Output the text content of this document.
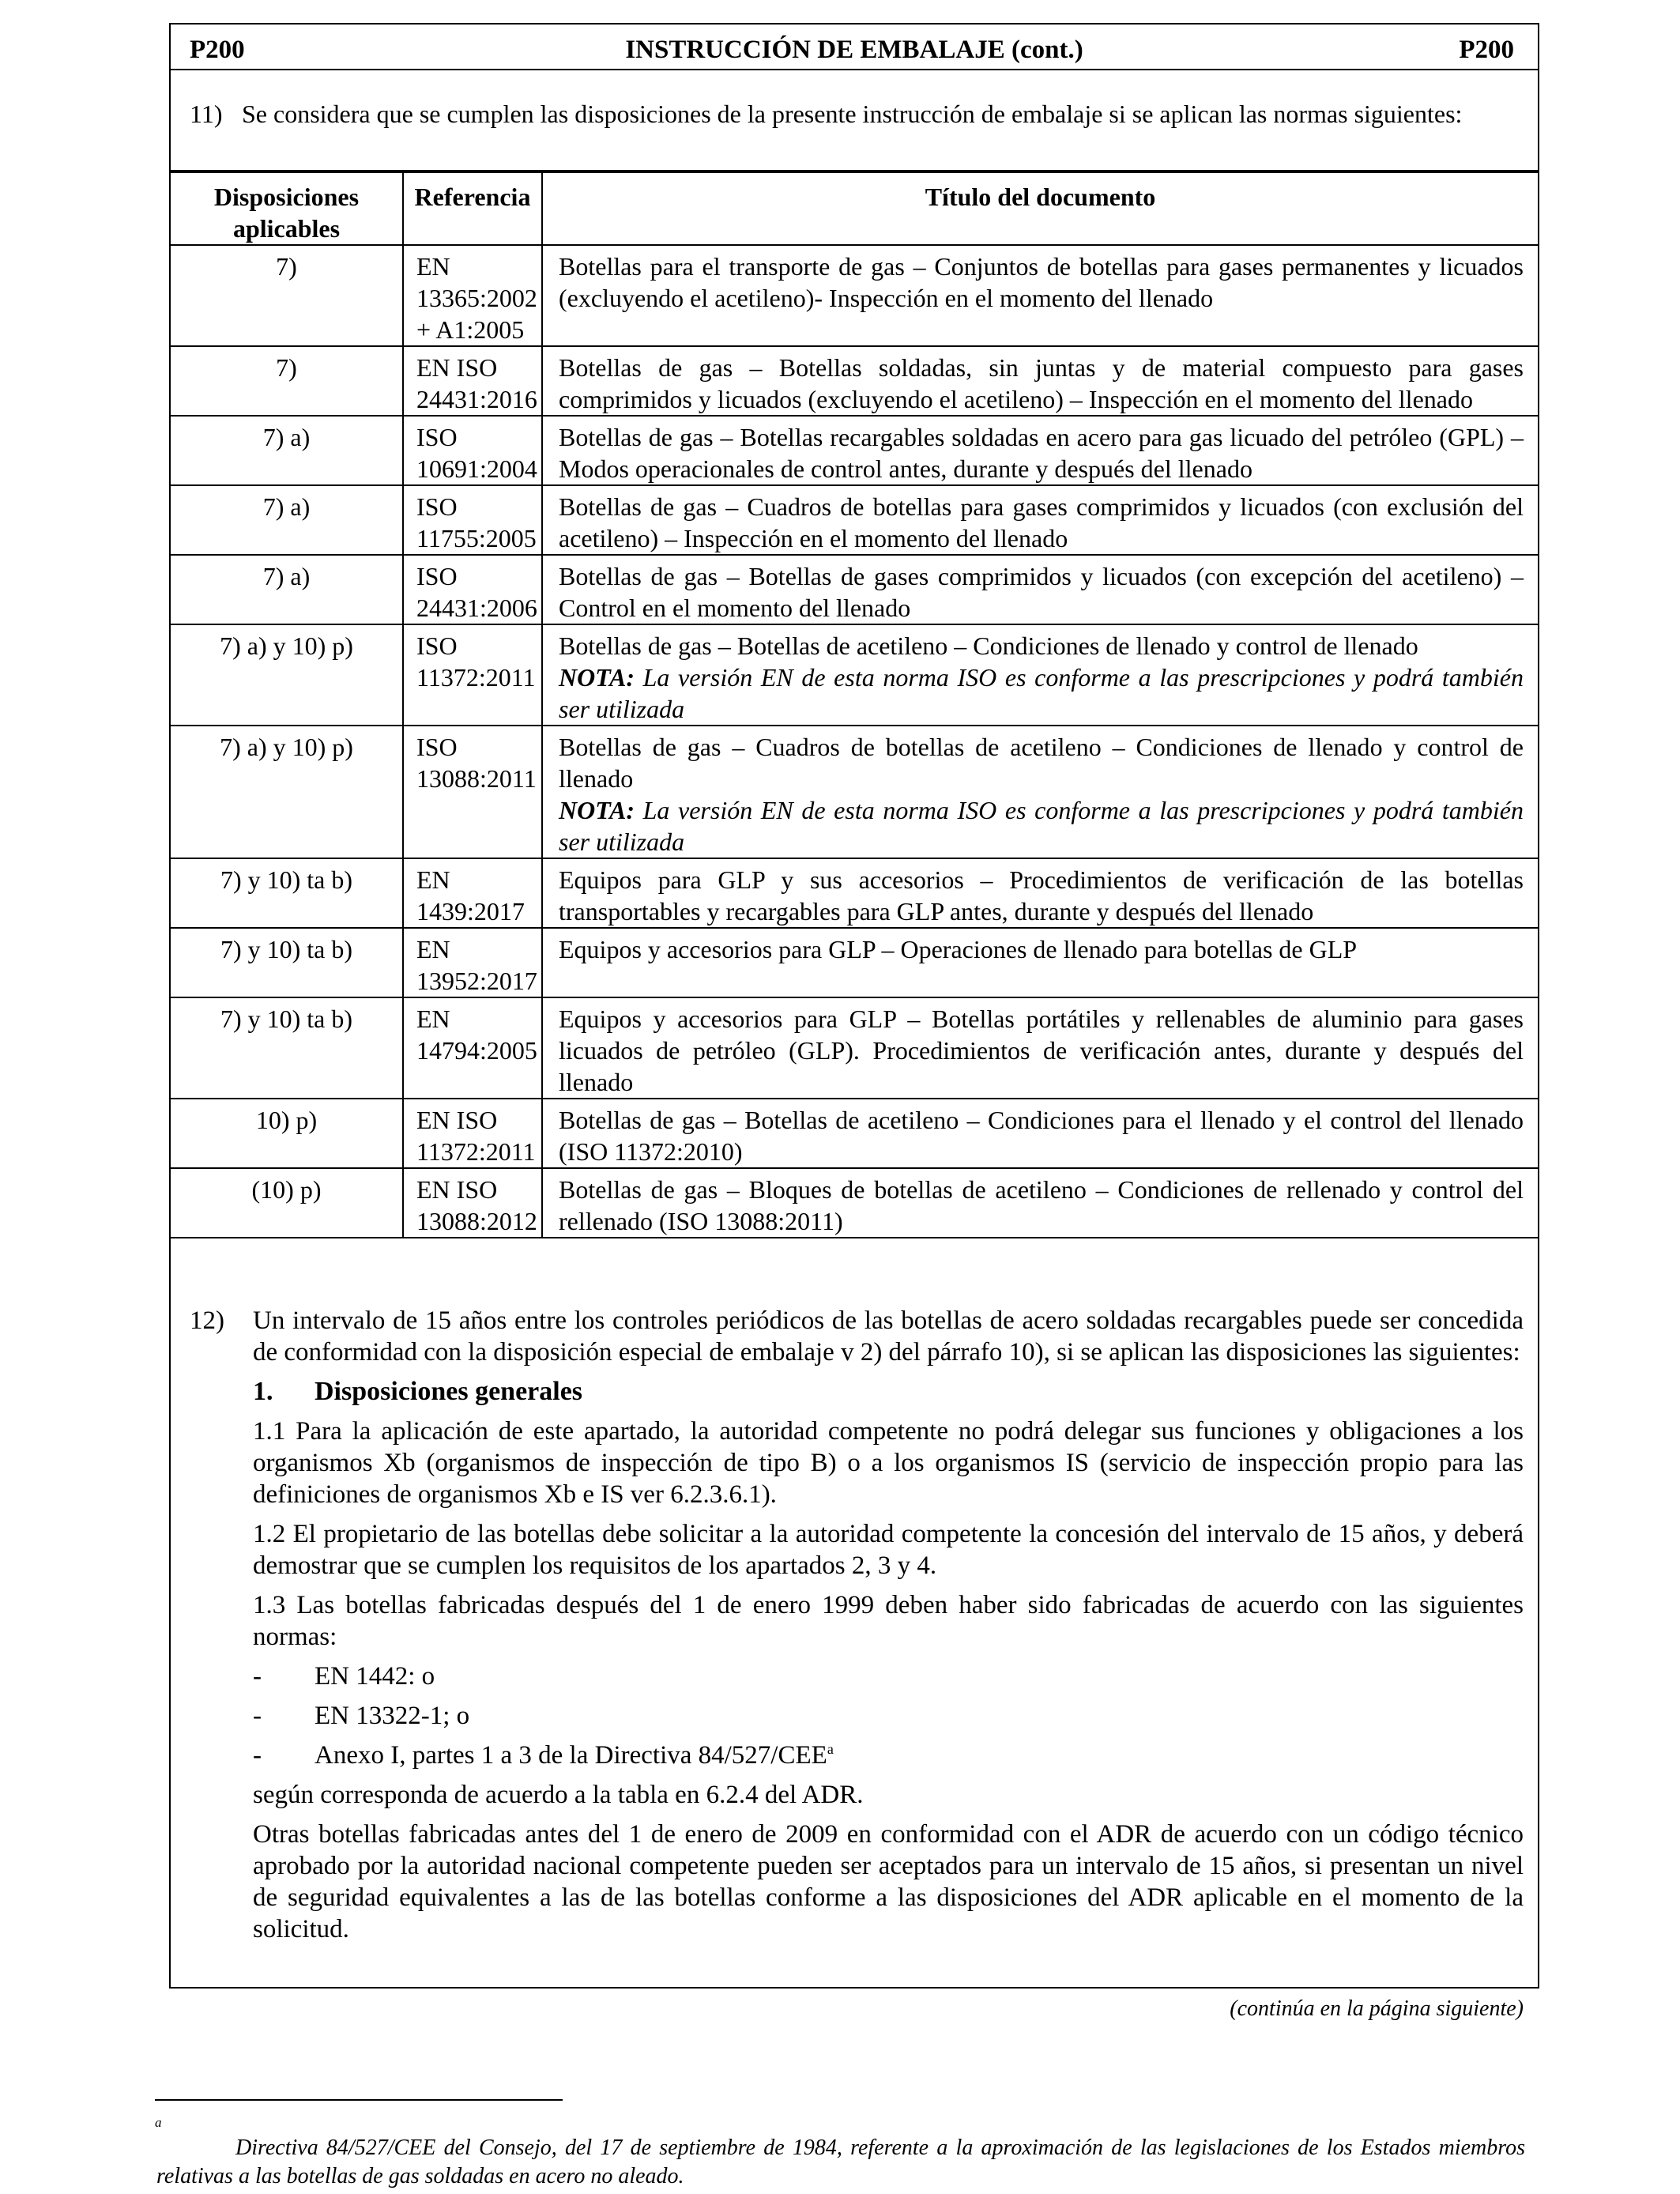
P200	INSTRUCCIÓN DE EMBALAJE (cont.)	P200
11) Se considera que se cumplen las disposiciones de la presente instrucción de embalaje si se aplican las normas siguientes:
Disposiciones aplicables	Referencia	Título del documento
7)	EN 13365:2002 + A1:2005	Botellas para el transporte de gas – Conjuntos de botellas para gases permanentes y licuados (excluyendo el acetileno)- Inspección en el momento del llenado
7)	EN ISO 24431:2016	Botellas de gas – Botellas soldadas, sin juntas y de material compuesto para gases comprimidos y licuados (excluyendo el acetileno) – Inspección en el momento del llenado
7) a)	ISO 10691:2004	Botellas de gas – Botellas recargables soldadas en acero para gas licuado del petróleo (GPL) – Modos operacionales de control antes, durante y después del llenado
7) a)	ISO 11755:2005	Botellas de gas – Cuadros de botellas para gases comprimidos y licuados (con exclusión del acetileno) – Inspección en el momento del llenado
7) a)	ISO 24431:2006	Botellas de gas – Botellas de gases comprimidos y licuados (con excepción del acetileno) – Control en el momento del llenado
7) a) y 10) p)	ISO 11372:2011	Botellas de gas – Botellas de acetileno – Condiciones de llenado y control de llenado
NOTA: La versión EN de esta norma ISO es conforme a las prescripciones y podrá también ser utilizada

7) a) y 10) p)	ISO 13088:2011	Botellas de gas – Cuadros de botellas de acetileno – Condiciones de llenado y control de llenado
NOTA: La versión EN de esta norma ISO es conforme a las prescripciones y podrá también ser utilizada

7) y 10) ta b)	EN 1439:2017	Equipos para GLP y sus accesorios – Procedimientos de verificación de las botellas transportables y recargables para GLP antes, durante y después del llenado
7) y 10) ta b)	EN 13952:2017	Equipos y accesorios para GLP – Operaciones de llenado para botellas de GLP
7) y 10) ta b)	EN 14794:2005	Equipos y accesorios para GLP – Botellas portátiles y rellenables de aluminio para gases licuados de petróleo (GLP). Procedimientos de verificación antes, durante y después del llenado
10) p)	EN ISO 11372:2011	Botellas de gas – Botellas de acetileno – Condiciones para el llenado y el control del llenado (ISO 11372:2010)
(10) p)	EN ISO 13088:2012	Botellas de gas – Bloques de botellas de acetileno – Condiciones de rellenado y control del rellenado (ISO 13088:2011)
12) Un intervalo de 15 años entre los controles periódicos de las botellas de acero soldadas recargables puede ser concedida de conformidad con la disposición especial de embalaje v 2) del párrafo 10), si se aplican las disposiciones las siguientes:

1. Disposiciones generales

1.1 Para la aplicación de este apartado, la autoridad competente no podrá delegar sus funciones y obligaciones a los organismos Xb (organismos de inspección de tipo B) o a los organismos IS (servicio de inspección propio para las definiciones de organismos Xb e IS ver 6.2.3.6.1).

1.2 El propietario de las botellas debe solicitar a la autoridad competente la concesión del intervalo de 15 años, y deberá demostrar que se cumplen los requisitos de los apartados 2, 3 y 4.

1.3 Las botellas fabricadas después del 1 de enero 1999 deben haber sido fabricadas de acuerdo con las siguientes normas:

-	EN 1442: o
-	EN 13322-1; o
-	Anexo I, partes 1 a 3 de la Directiva 84/527/CEE$^a$

según corresponda de acuerdo a la tabla en 6.2.4 del ADR.

Otras botellas fabricadas antes del 1 de enero de 2009 en conformidad con el ADR de acuerdo con un código técnico aprobado por la autoridad nacional competente pueden ser aceptados para un intervalo de 15 años, si presentan un nivel de seguridad equivalentes a las de las botellas conforme a las disposiciones del ADR aplicable en el momento de la solicitud.

(continúa en la página siguiente)
a
Directiva 84/527/CEE del Consejo, del 17 de septiembre de 1984, referente a la aproximación de las legislaciones de los Estados miembros relativas a las botellas de gas soldadas en acero no aleado.
